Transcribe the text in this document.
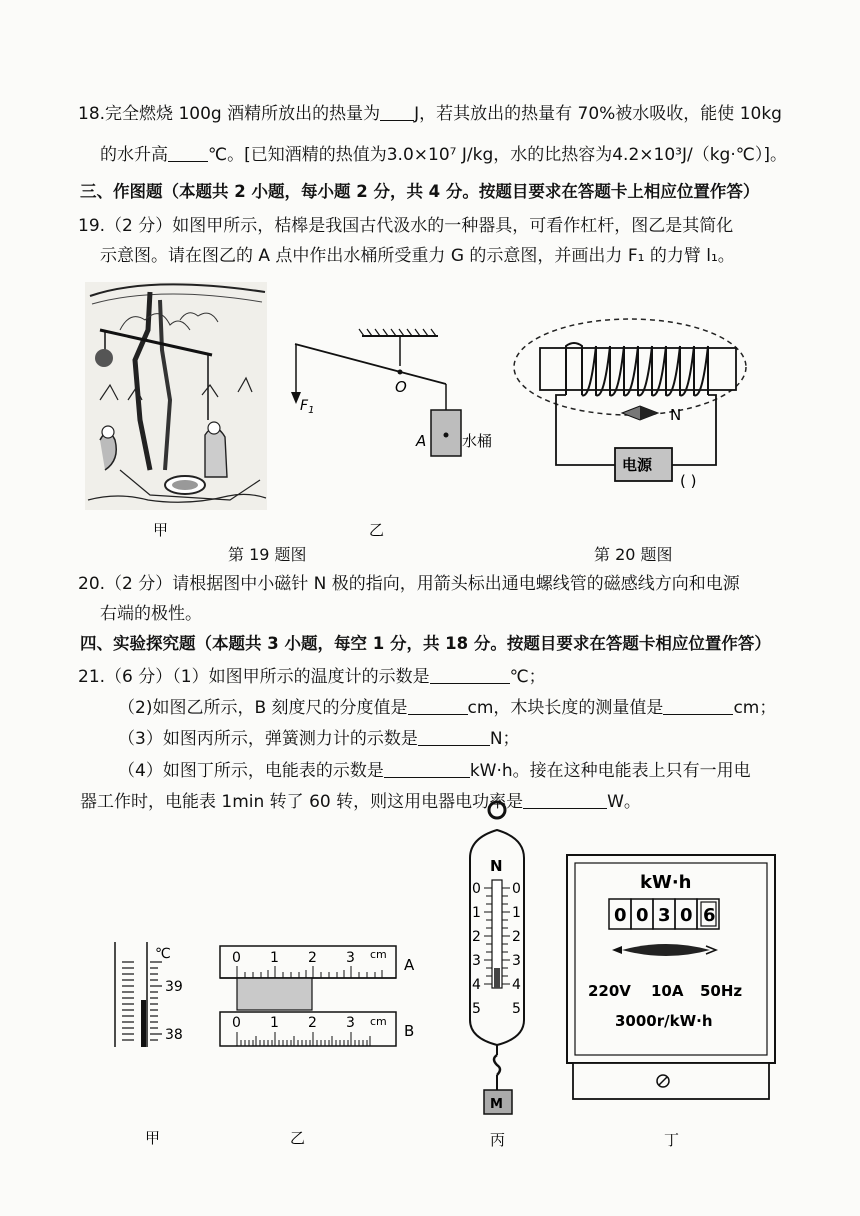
18.完全燃烧 100g 酒精所放出的热量为 J，若其放出的热量有 70%被水吸收，能使 10kg
的水升高 ℃。[已知酒精的热值为3.0×10⁷ J/kg，水的比热容为4.2×10³J/（kg·℃）]。
三、作图题（本题共 2 小题，每小题 2 分，共 4 分。按题目要求在答题卡上相应位置作答）
19.（2 分）如图甲所示，桔槔是我国古代汲水的一种器具，可看作杠杆，图乙是其简化
示意图。请在图乙的 A 点中作出水桶所受重力 G 的示意图，并画出力 F₁ 的力臂 l₁。
甲
O
$F_1$
A 水桶
乙
N
电源
( )
℃
39
38
甲
0 1 2 3 cm
A
0 1 2 3 cm
B
乙
N
0
1
2
3
4
5
0
1
2
3
4
5
M
丙
kW·h
0 0 3 0 6
220V 10A 50Hz
3000r/kW·h
丁
第 19 题图	第 20 题图
20.（2 分）请根据图中小磁针 N 极的指向，用箭头标出通电螺线管的磁感线方向和电源
右端的极性。
四、实验探究题（本题共 3 小题，每空 1 分，共 18 分。按题目要求在答题卡相应位置作答）
21.（6 分）（1）如图甲所示的温度计的示数是	℃；
（2)如图乙所示，B 刻度尺的分度值是	cm，木块长度的测量值是	cm；
（3）如图丙所示，弹簧测力计的示数是	N；
（4）如图丁所示，电能表的示数是	kW·h。接在这种电能表上只有一用电
器工作时，电能表 1min 转了 60 转，则这用电器电功率是	W。
